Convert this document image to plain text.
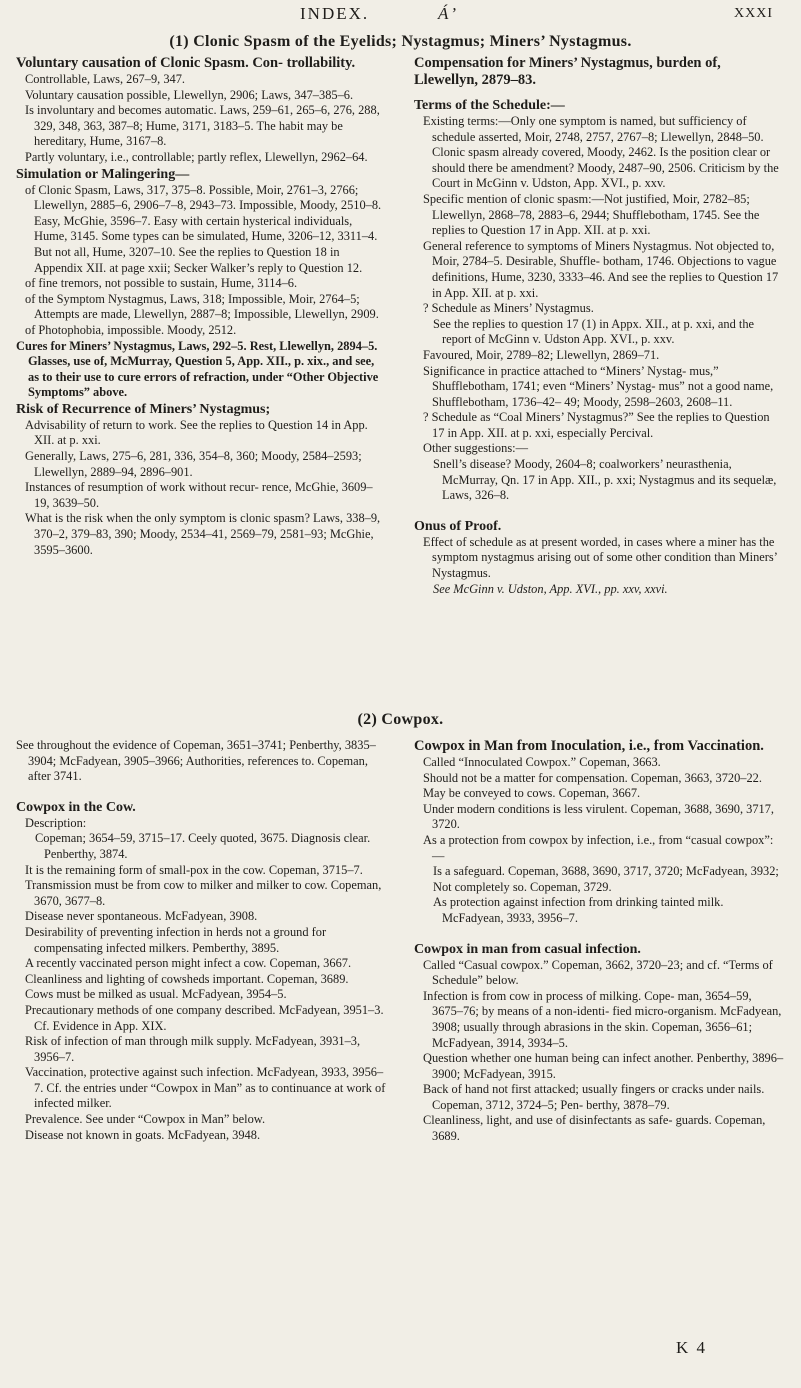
INDEX.	Á’	XXXI
(1) Clonic Spasm of the Eyelids; Nystagmus; Miners’ Nystagmus.

Voluntary causation of Clonic Spasm. Con- trollability.

Controllable, Laws, 267–9, 347.

Voluntary causation possible, Llewellyn, 2906; Laws, 347–385–6.

Is involuntary and becomes automatic. Laws, 259–61, 265–6, 276, 288, 329, 348, 363, 387–8; Hume, 3171, 3183–5. The habit may be hereditary, Hume, 3167–8.

Partly voluntary, i.e., controllable; partly reflex, Llewellyn, 2962–64.

Simulation or Malingering—

of Clonic Spasm, Laws, 317, 375–8. Possible, Moir, 2761–3, 2766; Llewellyn, 2885–6, 2906–7–8, 2943–73. Impossible, Moody, 2510–8. Easy, McGhie, 3596–7. Easy with certain hysterical individuals, Hume, 3145. Some types can be simulated, Hume, 3206–12, 3311–4. But not all, Hume, 3207–10. See the replies to Question 18 in Appendix XII. at page xxii; Secker Walker’s reply to Question 12.

of fine tremors, not possible to sustain, Hume, 3114–6.

of the Symptom Nystagmus, Laws, 318; Impossible, Moir, 2764–5; Attempts are made, Llewellyn, 2887–8; Impossible, Llewellyn, 2909.

of Photophobia, impossible. Moody, 2512.

Cures for Miners’ Nystagmus, Laws, 292–5. Rest, Llewellyn, 2894–5. Glasses, use of, McMurray, Question 5, App. XII., p. xix., and see, as to their use to cure errors of refraction, under “Other Objective Symptoms” above.

Risk of Recurrence of Miners’ Nystagmus;

Advisability of return to work. See the replies to Question 14 in App. XII. at p. xxi.

Generally, Laws, 275–6, 281, 336, 354–8, 360; Moody, 2584–2593; Llewellyn, 2889–94, 2896–901.

Instances of resumption of work without recur- rence, McGhie, 3609–19, 3639–50.

What is the risk when the only symptom is clonic spasm? Laws, 338–9, 370–2, 379–83, 390; Moody, 2534–41, 2569–79, 2581–93; McGhie, 3595–3600.

Compensation for Miners’ Nystagmus, burden of, Llewellyn, 2879–83.

Terms of the Schedule:—

Existing terms:—Only one symptom is named, but sufficiency of schedule asserted, Moir, 2748, 2757, 2767–8; Llewellyn, 2848–50. Clonic spasm already covered, Moody, 2462. Is the position clear or should there be amendment? Moody, 2487–90, 2506. Criticism by the Court in McGinn v. Udston, App. XVI., p. xxv.

Specific mention of clonic spasm:—Not justified, Moir, 2782–85; Llewellyn, 2868–78, 2883–6, 2944; Shufflebotham, 1745. See the replies to Question 17 in App. XII. at p. xxi.

General reference to symptoms of Miners Nystagmus. Not objected to, Moir, 2784–5. Desirable, Shuffle- botham, 1746. Objections to vague definitions, Hume, 3230, 3333–46. And see the replies to Question 17 in App. XII. at p. xxi.

? Schedule as Miners’ Nystagmus.

See the replies to question 17 (1) in Appx. XII., at p. xxi, and the report of McGinn v. Udston App. XVI., p. xxv.

Favoured, Moir, 2789–82; Llewellyn, 2869–71.

Significance in practice attached to “Miners’ Nystag- mus,” Shufflebotham, 1741; even “Miners’ Nystag- mus” not a good name, Shufflebotham, 1736–42– 49; Moody, 2598–2603, 2608–11.

? Schedule as “Coal Miners’ Nystagmus?” See the replies to Question 17 in App. XII. at p. xxi, especially Percival.

Other suggestions:—

Snell’s disease? Moody, 2604–8; coalworkers’ neurasthenia, McMurray, Qn. 17 in App. XII., p. xxi; Nystagmus and its sequelæ, Laws, 326–8.

Onus of Proof.

Effect of schedule as at present worded, in cases where a miner has the symptom nystagmus arising out of some other condition than Miners’ Nystagmus.

See McGinn v. Udston, App. XVI., pp. xxv, xxvi.

(2) Cowpox.

See throughout the evidence of Copeman, 3651–3741; Penberthy, 3835–3904; McFadyean, 3905–3966; Authorities, references to. Copeman, after 3741.

Cowpox in the Cow.

Description:

Copeman; 3654–59, 3715–17. Ceely quoted, 3675. Diagnosis clear. Penberthy, 3874.

It is the remaining form of small-pox in the cow. Copeman, 3715–7.

Transmission must be from cow to milker and milker to cow. Copeman, 3670, 3677–8.

Disease never spontaneous. McFadyean, 3908.

Desirability of preventing infection in herds not a ground for compensating infected milkers. Pemberthy, 3895.

A recently vaccinated person might infect a cow. Copeman, 3667.

Cleanliness and lighting of cowsheds important. Copeman, 3689.

Cows must be milked as usual. McFadyean, 3954–5.

Precautionary methods of one company described. McFadyean, 3951–3. Cf. Evidence in App. XIX.

Risk of infection of man through milk supply. McFadyean, 3931–3, 3956–7.

Vaccination, protective against such infection. McFadyean, 3933, 3956–7. Cf. the entries under “Cowpox in Man” as to continuance at work of infected milker.

Prevalence. See under “Cowpox in Man” below.

Disease not known in goats. McFadyean, 3948.

Cowpox in Man from Inoculation, i.e., from Vaccination.

Called “Innoculated Cowpox.” Copeman, 3663.

Should not be a matter for compensation. Copeman, 3663, 3720–22.

May be conveyed to cows. Copeman, 3667.

Under modern conditions is less virulent. Copeman, 3688, 3690, 3717, 3720.

As a protection from cowpox by infection, i.e., from “casual cowpox”:—

Is a safeguard. Copeman, 3688, 3690, 3717, 3720; McFadyean, 3932;

Not completely so. Copeman, 3729.

As protection against infection from drinking tainted milk. McFadyean, 3933, 3956–7.

Cowpox in man from casual infection.

Called “Casual cowpox.” Copeman, 3662, 3720–23; and cf. “Terms of Schedule” below.

Infection is from cow in process of milking. Cope- man, 3654–59, 3675–76; by means of a non-identi- fied micro-organism. McFadyean, 3908; usually through abrasions in the skin. Copeman, 3656–61; McFadyean, 3914, 3934–5.

Question whether one human being can infect another. Penberthy, 3896–3900; McFadyean, 3915.

Back of hand not first attacked; usually fingers or cracks under nails. Copeman, 3712, 3724–5; Pen- berthy, 3878–79.

Cleanliness, light, and use of disinfectants as safe- guards. Copeman, 3689.

K 4
